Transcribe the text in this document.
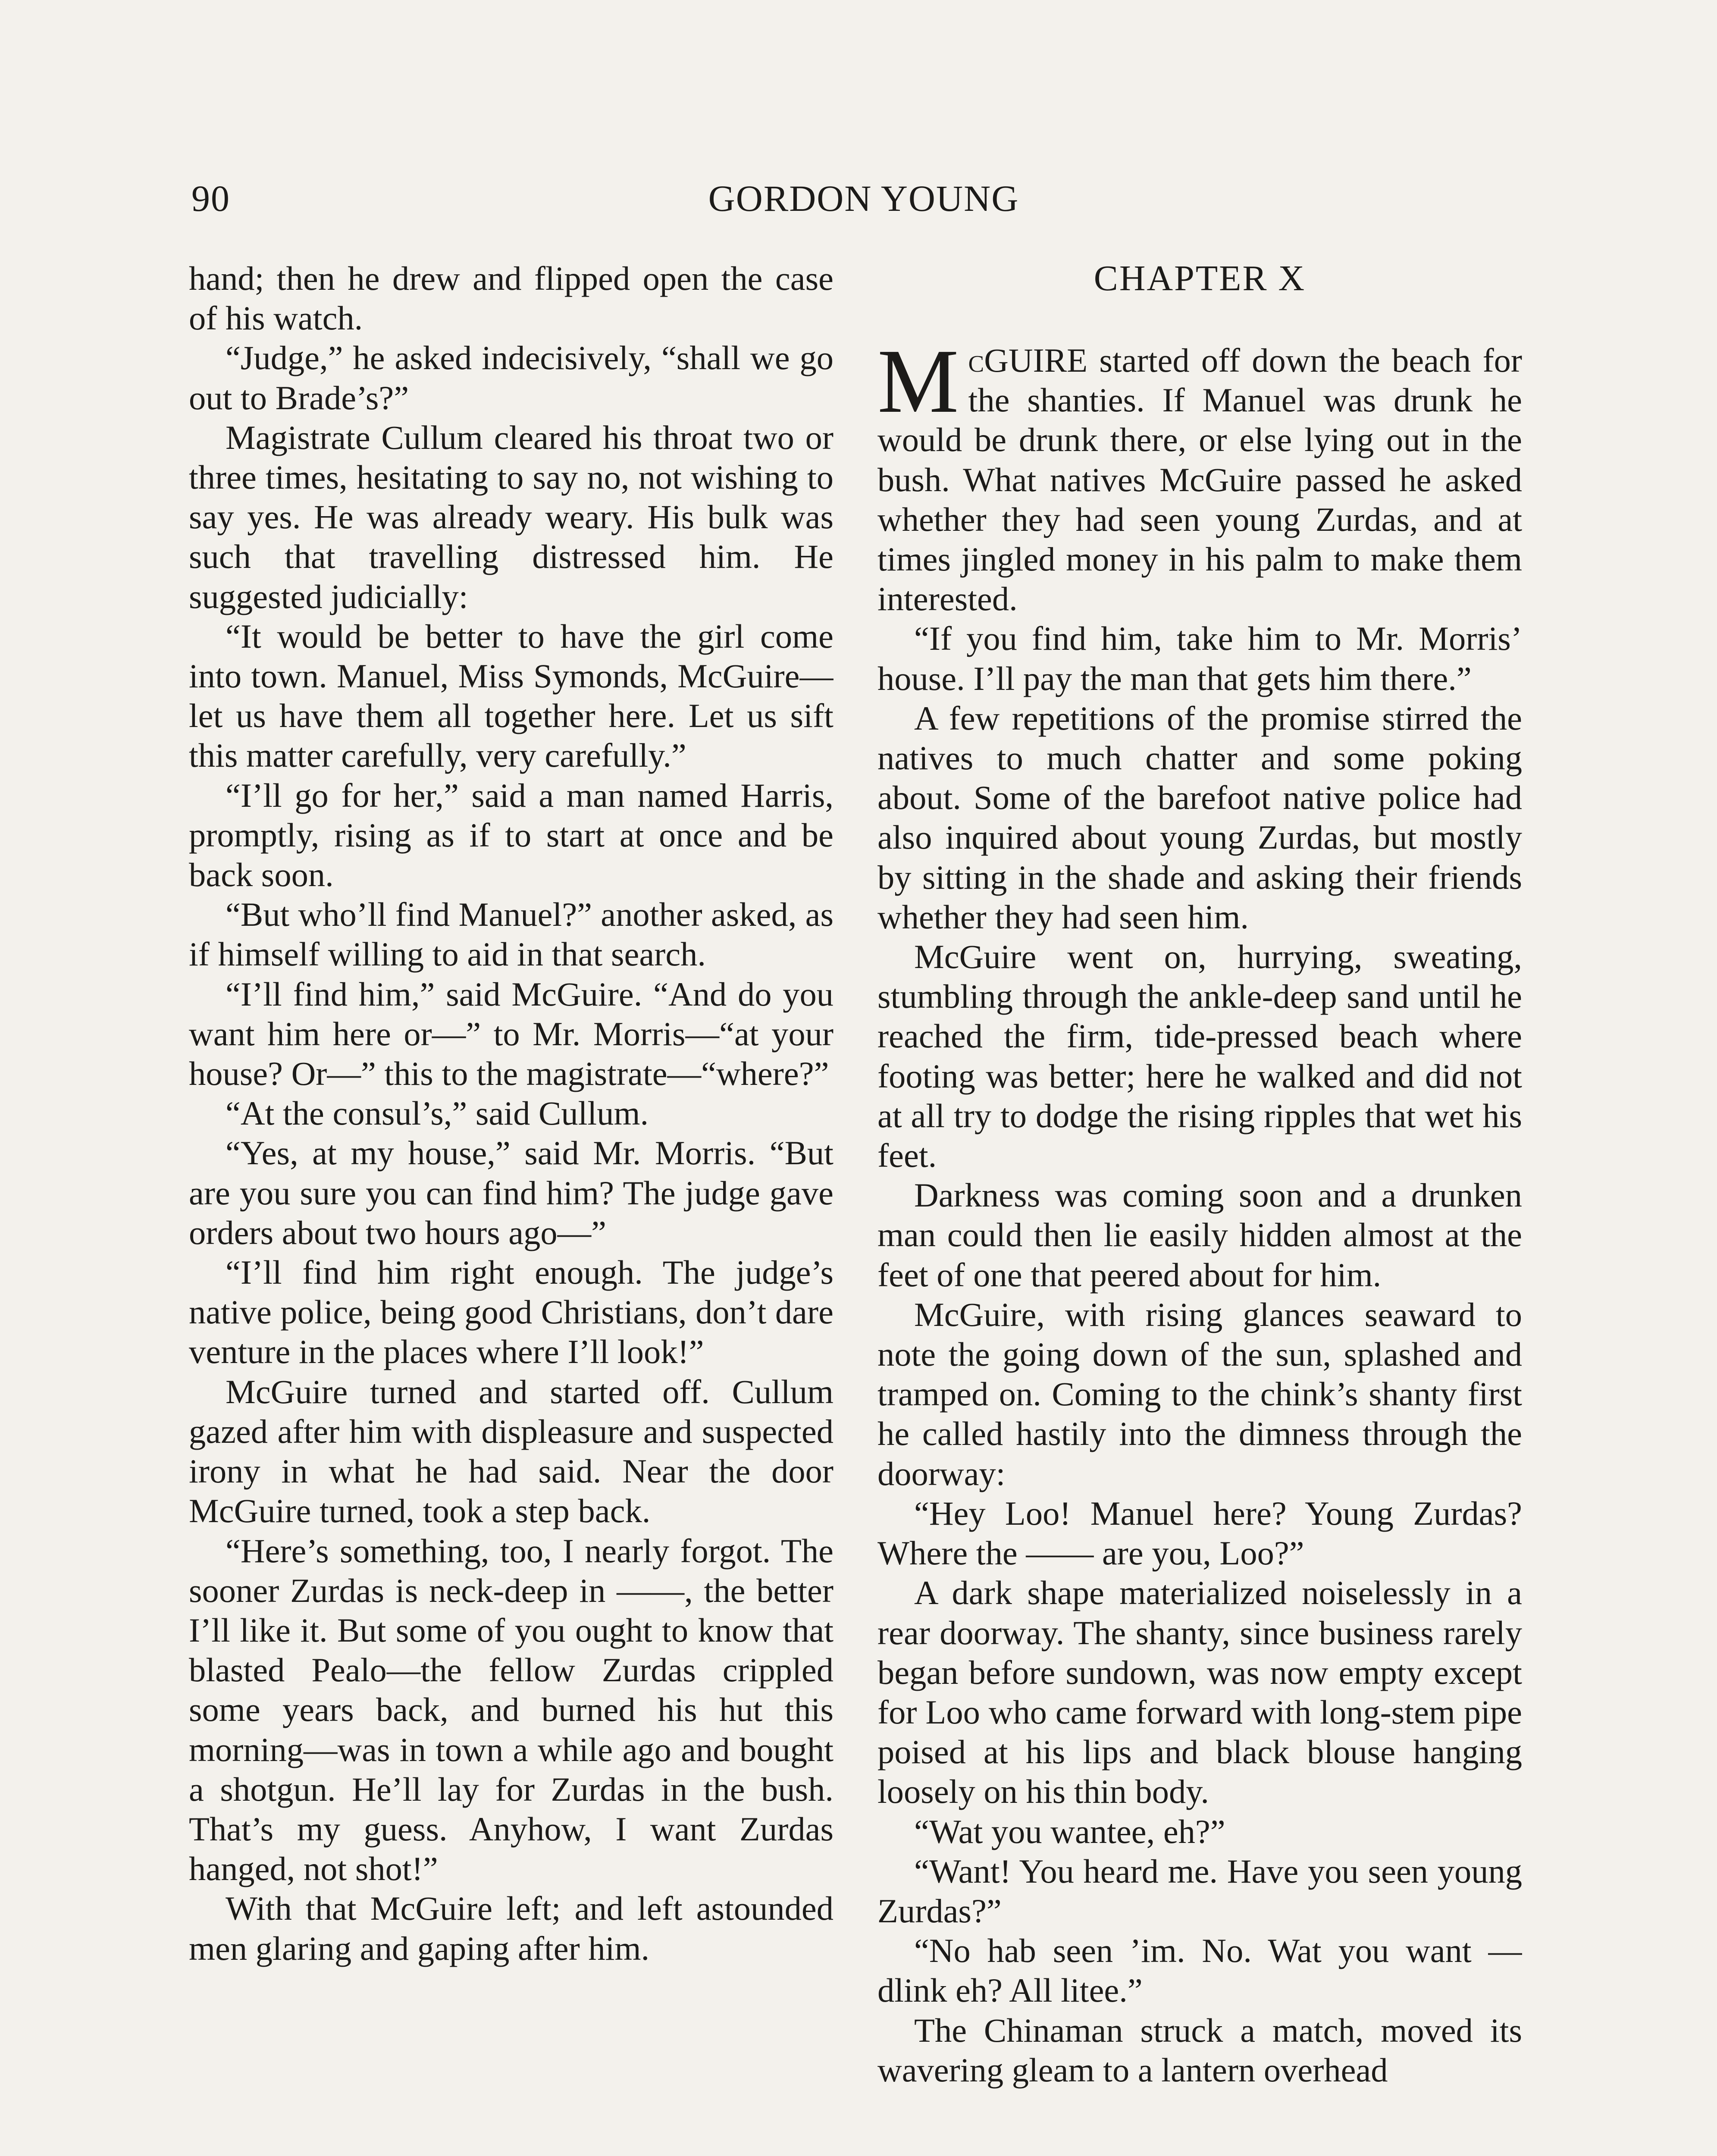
90	GORDON YOUNG

hand; then he drew and flipped open the case of his watch.

“Judge,” he asked indecisively, “shall we go out to Brade’s?”

Magistrate Cullum cleared his throat two or three times, hesitating to say no, not wishing to say yes. He was already weary. His bulk was such that travelling distressed him. He suggested judicially:

“It would be better to have the girl come into town. Manuel, Miss Symonds, McGuire—let us have them all together here. Let us sift this matter carefully, very carefully.”

“I’ll go for her,” said a man named Harris, promptly, rising as if to start at once and be back soon.

“But who’ll find Manuel?” another asked, as if himself willing to aid in that search.

“I’ll find him,” said McGuire. “And do you want him here or—” to Mr. Morris—“at your house? Or—” this to the magistrate—“where?”

“At the consul’s,” said Cullum.

“Yes, at my house,” said Mr. Morris. “But are you sure you can find him? The judge gave orders about two hours ago—”

“I’ll find him right enough. The judge’s native police, being good Christians, don’t dare venture in the places where I’ll look!”

McGuire turned and started off. Cullum gazed after him with displeasure and suspected irony in what he had said. Near the door McGuire turned, took a step back.

“Here’s something, too, I nearly forgot. The sooner Zurdas is neck-deep in ——, the better I’ll like it. But some of you ought to know that blasted Pealo—the fellow Zurdas crippled some years back, and burned his hut this morning—was in town a while ago and bought a shotgun. He’ll lay for Zurdas in the bush. That’s my guess. Anyhow, I want Zurdas hanged, not shot!”

With that McGuire left; and left astounded men glaring and gaping after him.

CHAPTER X

McGUIRE started off down the beach for the shanties. If Manuel was drunk he would be drunk there, or else lying out in the bush. What natives McGuire passed he asked whether they had seen young Zurdas, and at times jingled money in his palm to make them interested.

“If you find him, take him to Mr. Morris’ house. I’ll pay the man that gets him there.”

A few repetitions of the promise stirred the natives to much chatter and some poking about. Some of the barefoot native police had also inquired about young Zurdas, but mostly by sitting in the shade and asking their friends whether they had seen him.

McGuire went on, hurrying, sweating, stumbling through the ankle-deep sand until he reached the firm, tide-pressed beach where footing was better; here he walked and did not at all try to dodge the rising ripples that wet his feet.

Darkness was coming soon and a drunken man could then lie easily hidden almost at the feet of one that peered about for him.

McGuire, with rising glances seaward to note the going down of the sun, splashed and tramped on. Coming to the chink’s shanty first he called hastily into the dimness through the doorway:

“Hey Loo! Manuel here? Young Zurdas? Where the —— are you, Loo?”

A dark shape materialized noiselessly in a rear doorway. The shanty, since business rarely began before sundown, was now empty except for Loo who came forward with long-stem pipe poised at his lips and black blouse hanging loosely on his thin body.

“Wat you wantee, eh?”

“Want! You heard me. Have you seen young Zurdas?”

“No hab seen ’im. No. Wat you want —dlink eh? All litee.”

The Chinaman struck a match, moved its wavering gleam to a lantern overhead
